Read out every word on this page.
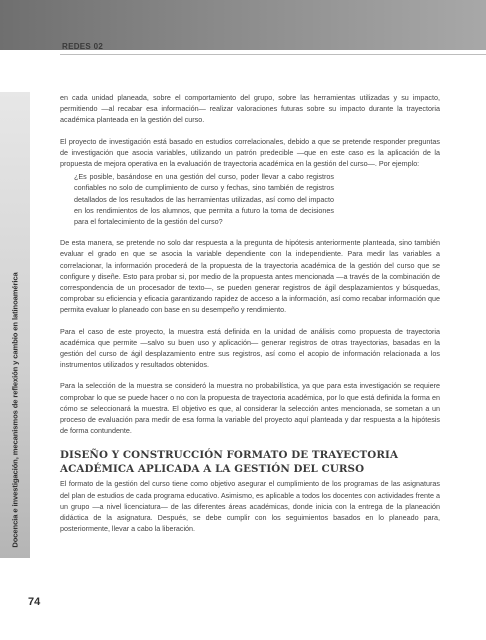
REDES 02
Docencia e investigación, mecanismos de reflexión y cambio en latinoamérica

en cada unidad planeada, sobre el comportamiento del grupo, sobre las herramientas utilizadas y su impacto, permitiendo —al recabar esa información— realizar valoraciones futuras sobre su impacto durante la trayectoria académica planteada en la gestión del curso.

El proyecto de investigación está basado en estudios correlacionales, debido a que se pretende responder preguntas de investigación que asocia variables, utilizando un patrón predecible —que en este caso es la aplicación de la propuesta de mejora operativa en la evaluación de trayectoria académica en la gestión del curso—. Por ejemplo:

¿Es posible, basándose en una gestión del curso, poder llevar a cabo registros confiables no solo de cumplimiento de curso y fechas, sino también de registros detallados de los resultados de las herramientas utilizadas, así como del impacto en los rendimientos de los alumnos, que permita a futuro la toma de decisiones para el fortalecimiento de la gestión del curso?

De esta manera, se pretende no solo dar respuesta a la pregunta de hipótesis anteriormente planteada, sino también evaluar el grado en que se asocia la variable dependiente con la independiente. Para medir las variables a correlacionar, la información procederá de la propuesta de la trayectoria académica de la gestión del curso que se configure y diseñe. Esto para probar si, por medio de la propuesta antes mencionada —a través de la combinación de correspondencia de un procesador de texto—, se pueden generar registros de ágil desplazamientos y búsquedas, comprobar su eficiencia y eficacia garantizando rapidez de acceso a la información, así como recabar información que permita evaluar lo planeado con base en su desempeño y rendimiento.

Para el caso de este proyecto, la muestra está definida en la unidad de análisis como propuesta de trayectoria académica que permite —salvo su buen uso y aplicación— generar registros de otras trayectorias, basadas en la gestión del curso de ágil desplazamiento entre sus registros, así como el acopio de información relacionada a los instrumentos utilizados y resultados obtenidos.

Para la selección de la muestra se consideró la muestra no probabilística, ya que para esta investigación se requiere comprobar lo que se puede hacer o no con la propuesta de trayectoria académica, por lo que está definida la forma en cómo se seleccionará la muestra. El objetivo es que, al considerar la selección antes mencionada, se sometan a un proceso de evaluación para medir de esa forma la variable del proyecto aquí planteada y dar respuesta a la hipótesis de forma contundente.

DISEÑO Y CONSTRUCCIÓN FORMATO DE TRAYECTORIA ACADÉMICA APLICADA A LA GESTIÓN DEL CURSO

El formato de la gestión del curso tiene como objetivo asegurar el cumplimiento de los programas de las asignaturas del plan de estudios de cada programa educativo. Asimismo, es aplicable a todos los docentes con actividades frente a un grupo —a nivel licenciatura— de las diferentes áreas académicas, donde inicia con la entrega de la planeación didáctica de la asignatura. Después, se debe cumplir con los seguimientos basados en lo planeado para, posteriormente, llevar a cabo la liberación.

74
